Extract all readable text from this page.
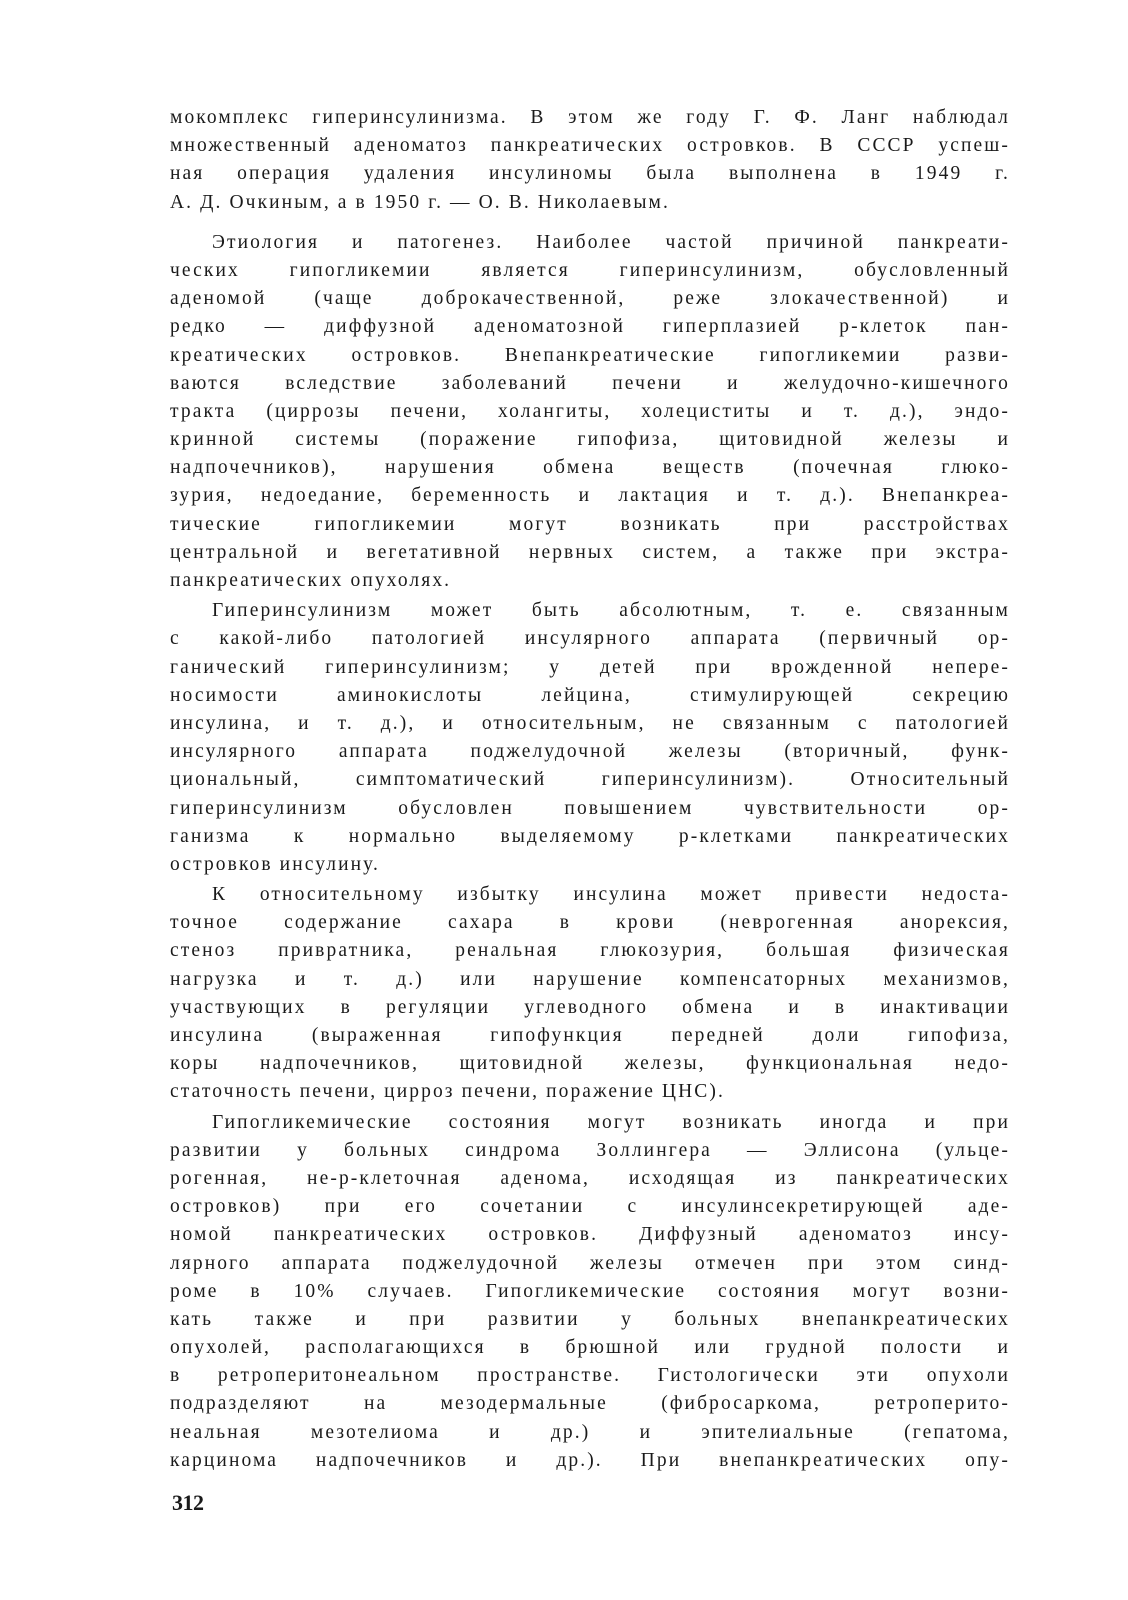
мокомплекс гиперинсулинизма. В этом же году Г. Ф. Ланг наблюдал
множественный аденоматоз панкреатических островков. В СССР успеш-
ная операция удаления инсулиномы была выполнена в 1949 г.
А. Д. Очкиным, а в 1950 г. — О. В. Николаевым.
Этиология и патогенез. Наиболее частой причиной панкреати-
ческих гипогликемии является гиперинсулинизм, обусловленный
аденомой (чаще доброкачественной, реже злокачественной) и
редко — диффузной аденоматозной гиперплазией р-клеток пан-
креатических островков. Внепанкреатические гипогликемии разви-
ваются вследствие заболеваний печени и желудочно-кишечного
тракта (циррозы печени, холангиты, холециститы и т. д.), эндо-
кринной системы (поражение гипофиза, щитовидной железы и
надпочечников), нарушения обмена веществ (почечная глюко-
зурия, недоедание, беременность и лактация и т. д.). Внепанкреа-
тические гипогликемии могут возникать при расстройствах
центральной и вегетативной нервных систем, а также при экстра-
панкреатических опухолях.
Гиперинсулинизм может быть абсолютным, т. е. связанным
с какой-либо патологией инсулярного аппарата (первичный ор-
ганический гиперинсулинизм; у детей при врожденной непере-
носимости аминокислоты лейцина, стимулирующей секрецию
инсулина, и т. д.), и относительным, не связанным с патологией
инсулярного аппарата поджелудочной железы (вторичный, функ-
циональный, симптоматический гиперинсулинизм). Относительный
гиперинсулинизм обусловлен повышением чувствительности ор-
ганизма к нормально выделяемому р-клетками панкреатических
островков инсулину.
К относительному избытку инсулина может привести недоста-
точное содержание сахара в крови (неврогенная анорексия,
стеноз привратника, ренальная глюкозурия, большая физическая
нагрузка и т. д.) или нарушение компенсаторных механизмов,
участвующих в регуляции углеводного обмена и в инактивации
инсулина (выраженная гипофункция передней доли гипофиза,
коры надпочечников, щитовидной железы, функциональная недо-
статочность печени, цирроз печени, поражение ЦНС).
Гипогликемические состояния могут возникать иногда и при
развитии у больных синдрома Золлингера — Эллисона (ульце-
рогенная, не-р-клеточная аденома, исходящая из панкреатических
островков) при его сочетании с инсулинсекретирующей аде-
номой панкреатических островков. Диффузный аденоматоз инсу-
лярного аппарата поджелудочной железы отмечен при этом синд-
роме в 10% случаев. Гипогликемические состояния могут возни-
кать также и при развитии у больных внепанкреатических
опухолей, располагающихся в брюшной или грудной полости и
в ретроперитонеальном пространстве. Гистологически эти опухоли
подразделяют на мезодермальные (фибросаркома, ретроперито-
неальная мезотелиома и др.) и эпителиальные (гепатома,
карцинома надпочечников и др.). При внепанкреатических опу-
312
